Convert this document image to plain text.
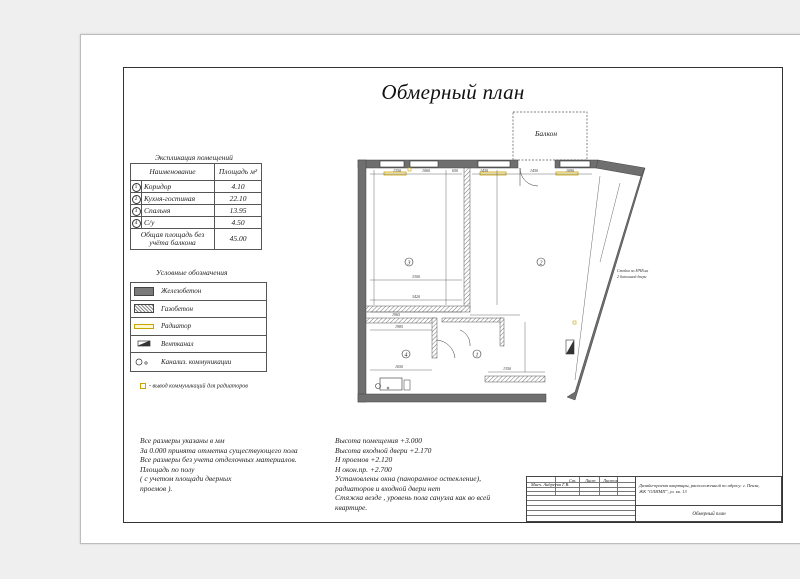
Обмерный план
Экспликация помещений
Наименование		Площадь м²
1	Коридор	4.10
2	Кухня-гостиная	22.10
3	Спальня	13.95
4	С/у	4.50
Общая площадь без учёта балкона		45.00
Условные обозначения
Железобетон
Газобетон
Радиатор
Вентканал
Канализ. коммуникации
- вывод коммуникаций для радиаторов
Все размеры указаны в мм
За 0.000 принята отметка существующего пола
Все размеры без учета отделочных материалов.
Площадь по полу
( с учетом площади дверных
проемов ).
Высота помещения +3.000
Высота входной двери +2.170
Н проемов +2.120
Н окон.пр. +2.700
Установлены окна (панорамное остекление),
радиаторов и входной двери нет
Стяжка везде , уровень пола санузла как во всей
квартире.
Мнеч. Андреева Г.В.
Ст. Лист Листов
Дизайн-проект квартиры, расположенной по адресу: г. Пенза,
ЖК "ОЛИМП", ул. кв. 13
Обмерный план
Балкон
1350	1060	650	1430	1450	1090
3300
3420
1965
1985
1650	1350
3	2
4	1
Стойки по МЧВ на
2 балконной двери
